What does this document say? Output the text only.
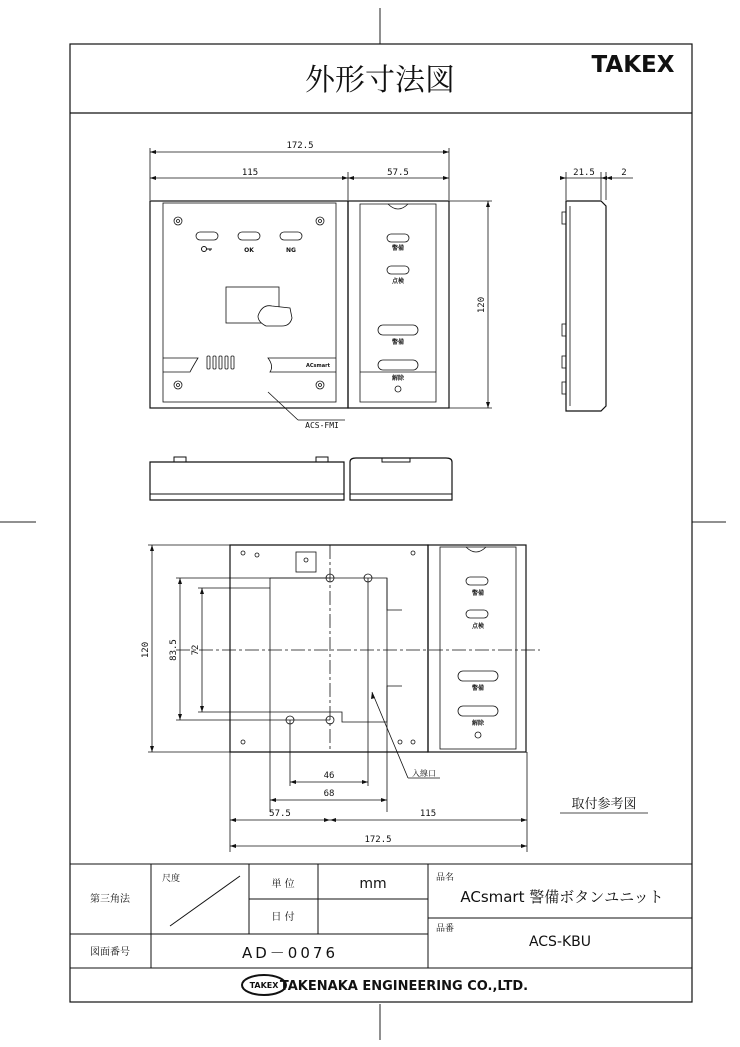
外形寸法図	TAKEX
172.5
115	57.5
120
OK	NG
ACsmart
警備
点検
警備
解除
ACS-FMI
21.5	2
120 83.5 72
46
68
57.5	115
172.5
入線口
取付参考図
警備
点検
警備
解除
第三角法
尺度	単 位	mm
日 付
品名
ACsmart 警備ボタンユニット
図面番号	AD－0076
品番
ACS-KBU
TAKEX TAKENAKA ENGINEERING CO.,LTD.
